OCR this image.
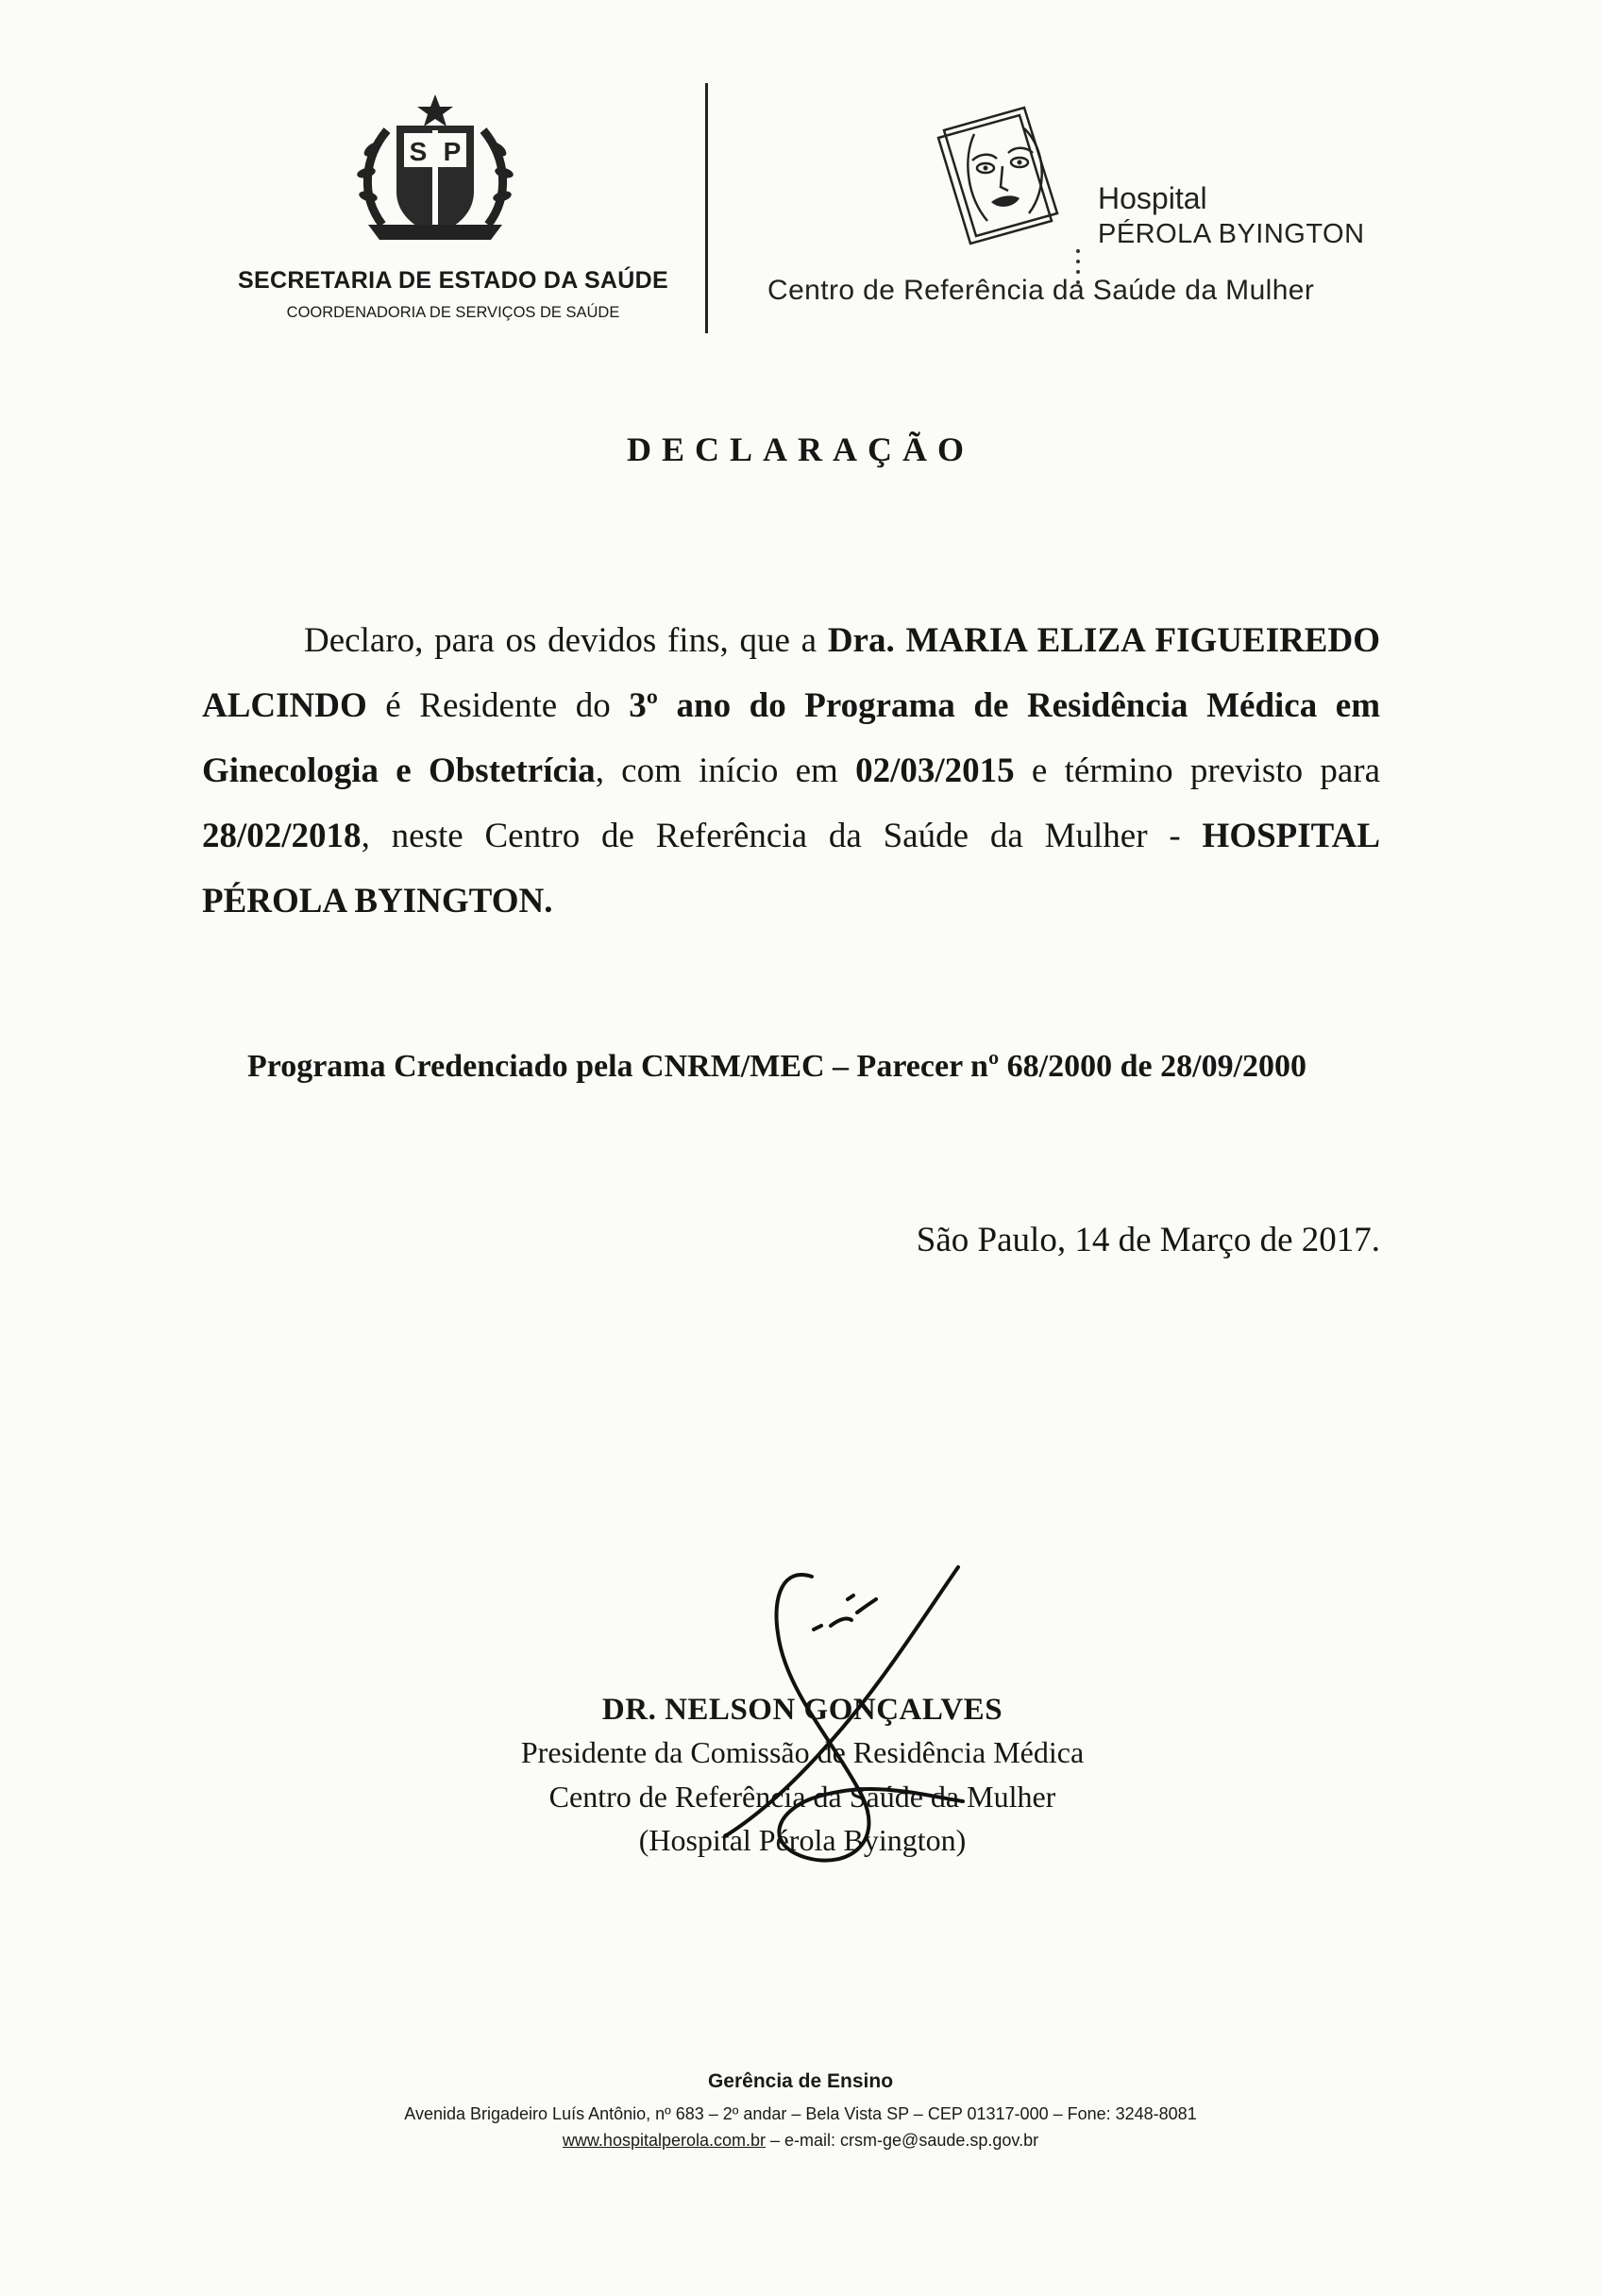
S P
SECRETARIA DE ESTADO DA SAÚDE
COORDENADORIA DE SERVIÇOS DE SAÚDE
Hospital
PÉROLA BYINGTON
Centro de Referência da Saúde da Mulher
DECLARAÇÃO
Declaro, para os devidos fins, que a Dra. MARIA ELIZA FIGUEIREDO ALCINDO é Residente do 3º ano do Programa de Residência Médica em Ginecologia e Obstetrícia, com início em 02/03/2015 e término previsto para 28/02/2018, neste Centro de Referência da Saúde da Mulher - HOSPITAL PÉROLA BYINGTON.
Programa Credenciado pela CNRM/MEC – Parecer nº 68/2000 de 28/09/2000
São Paulo, 14 de Março de 2017.
DR. NELSON GONÇALVES
Presidente da Comissão de Residência Médica
Centro de Referência da Saúde da Mulher
(Hospital Pérola Byington)
Gerência de Ensino
Avenida Brigadeiro Luís Antônio, nº 683 – 2º andar – Bela Vista SP – CEP 01317-000 – Fone: 3248-8081
www.hospitalperola.com.br – e-mail: crsm-ge@saude.sp.gov.br
